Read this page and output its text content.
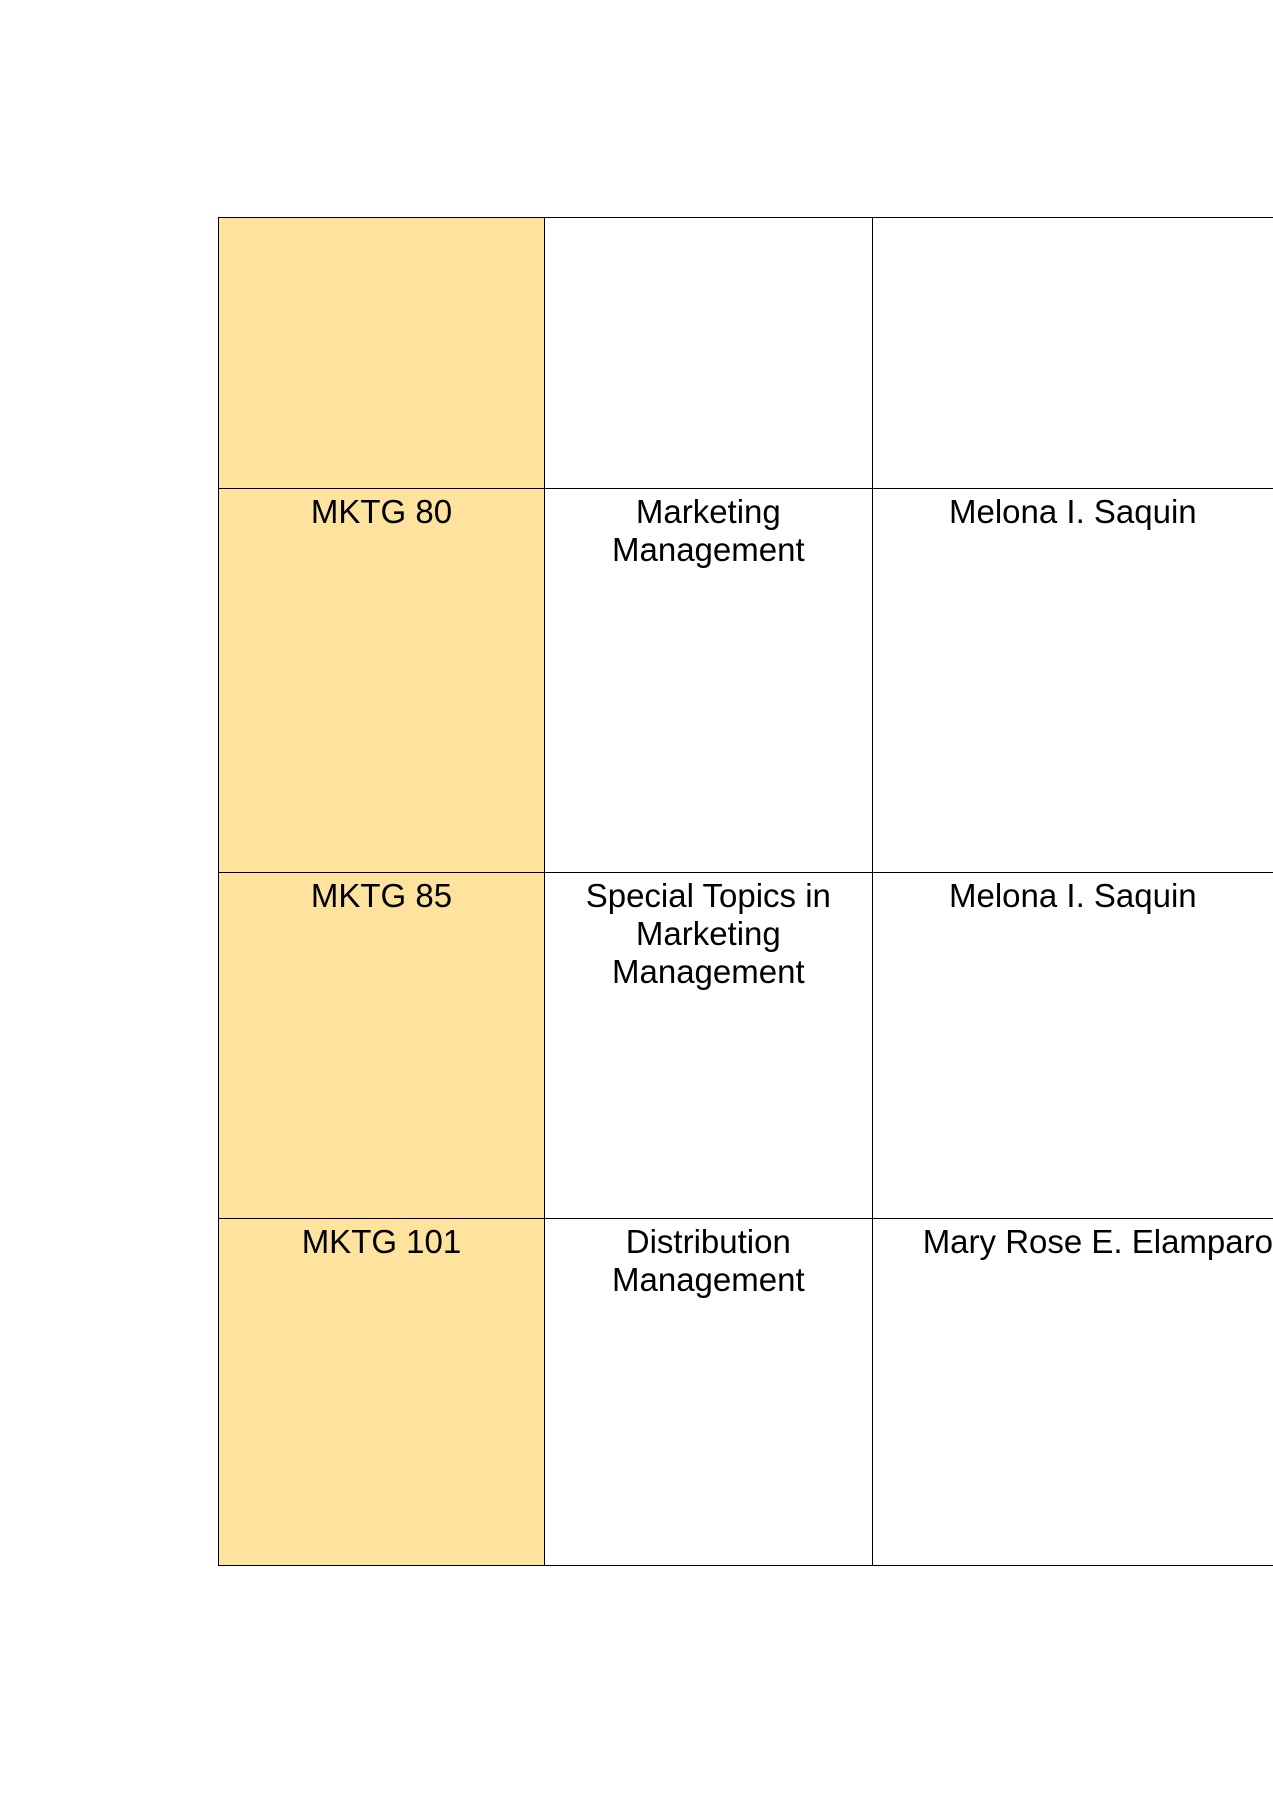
MKTG 80	Marketing Management	Melona I. Saquin

MKTG 85	Special Topics in Marketing Management	Melona I. Saquin

MKTG 101	Distribution Management	Mary Rose E. Elamparo
